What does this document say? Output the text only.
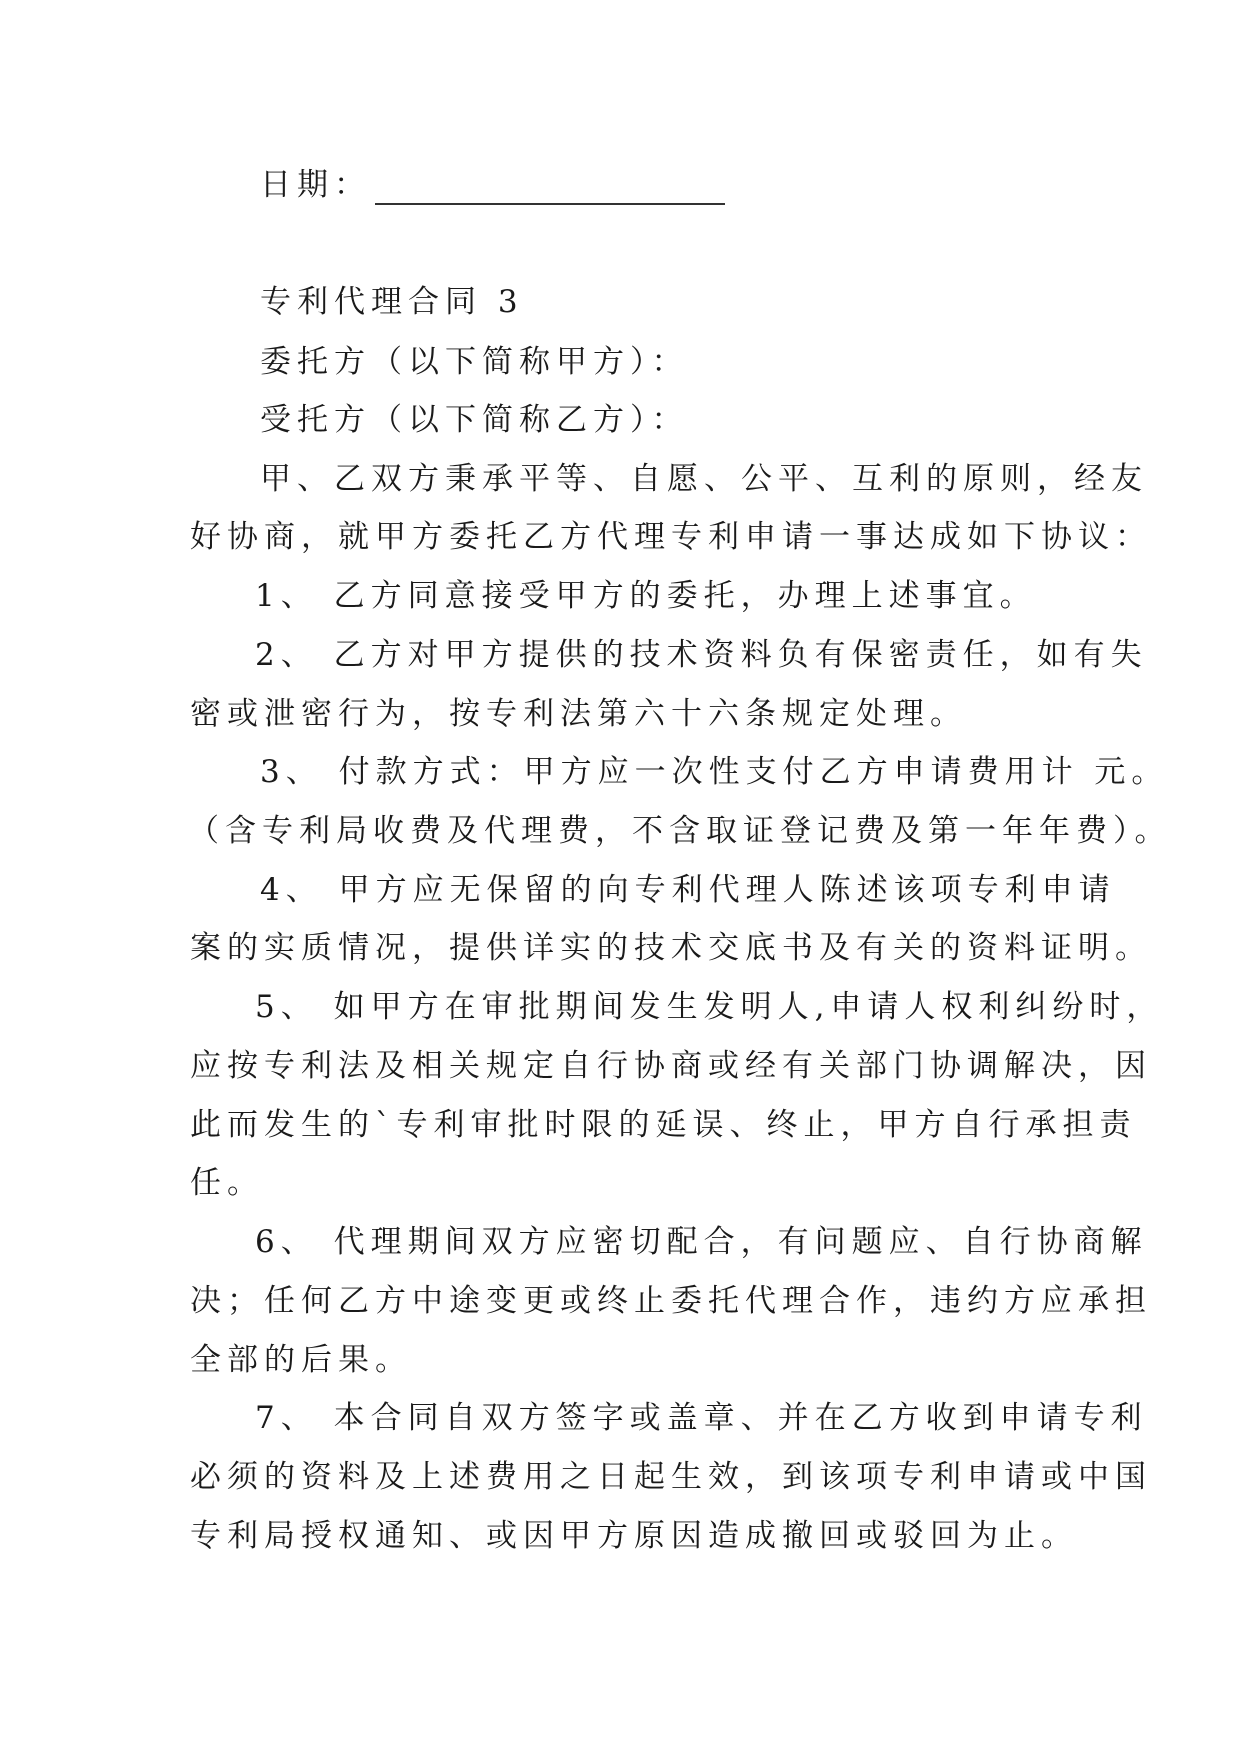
日期：
专利代理合同 3
委托方（以下简称甲方）：
受托方（以下简称乙方）：
甲、乙双方秉承平等、自愿、公平、互利的原则，经友
好协商，就甲方委托乙方代理专利申请一事达成如下协议：
1、 乙方同意接受甲方的委托，办理上述事宜。
2、 乙方对甲方提供的技术资料负有保密责任，如有失
密或泄密行为，按专利法第六十六条规定处理。
3、 付款方式：甲方应一次性支付乙方申请费用计 元。
（含专利局收费及代理费，不含取证登记费及第一年年费）。
4、 甲方应无保留的向专利代理人陈述该项专利申请
案的实质情况，提供详实的技术交底书及有关的资料证明。
5、 如甲方在审批期间发生发明人,申请人权利纠纷时，
应按专利法及相关规定自行协商或经有关部门协调解决，因
此而发生的`专利审批时限的延误、终止，甲方自行承担责
任。
6、 代理期间双方应密切配合，有问题应、自行协商解
决；任何乙方中途变更或终止委托代理合作，违约方应承担
全部的后果。
7、 本合同自双方签字或盖章、并在乙方收到申请专利
必须的资料及上述费用之日起生效，到该项专利申请或中国
专利局授权通知、或因甲方原因造成撤回或驳回为止。
